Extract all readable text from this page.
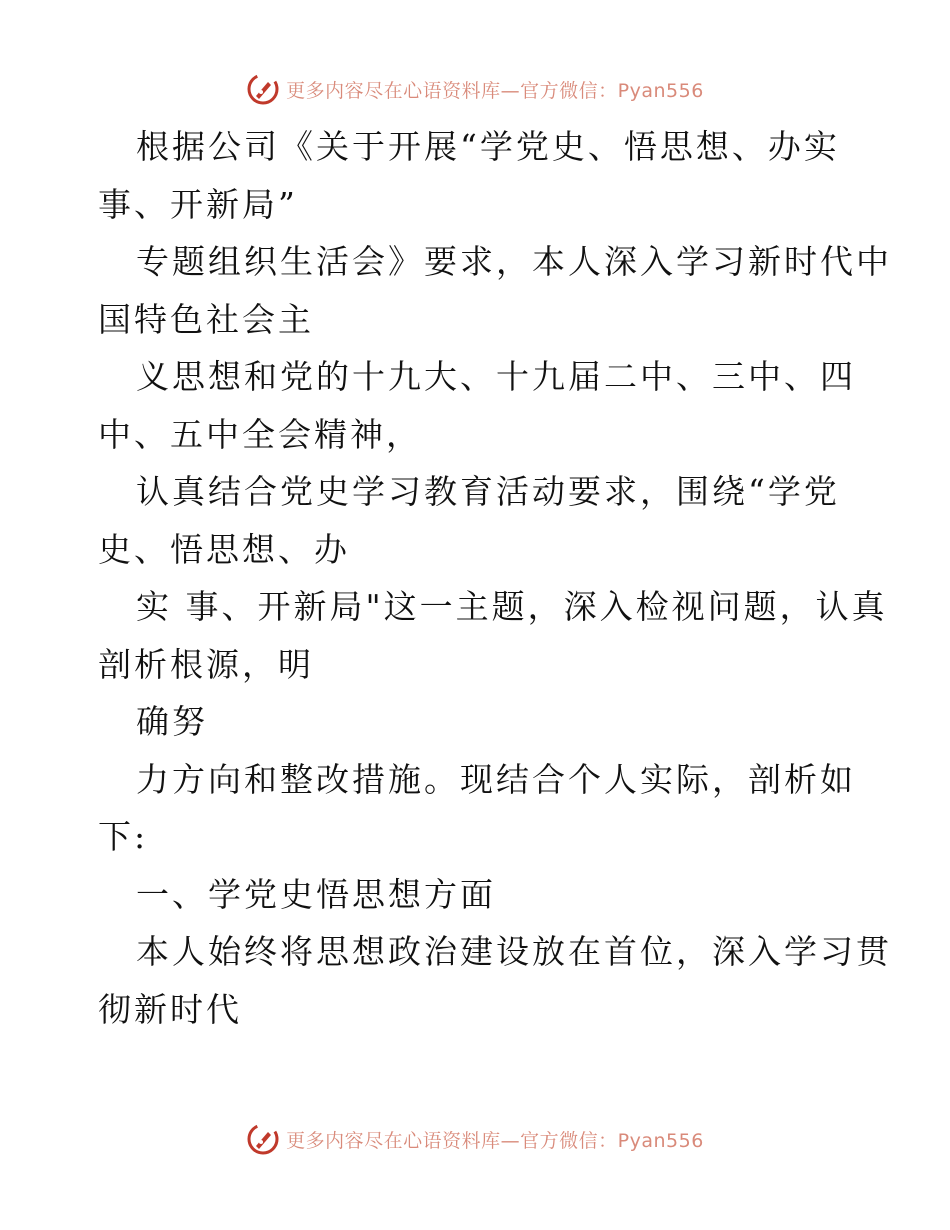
更多内容尽在心语资料库—官方微信：Pyan556
根据公司《关于开展“学党史、悟思想、办实
事、开新局”
专题组织生活会》要求，本人深入学习新时代中
国特色社会主
义思想和党的十九大、十九届二中、三中、四
中、五中全会精神，
认真结合党史学习教育活动要求，围绕“学党
史、悟思想、办
实 事、开新局"这一主题，深入检视问题，认真
剖析根源，明
确努
力方向和整改措施。现结合个人实际，剖析如
下:
一、学党史悟思想方面
本人始终将思想政治建设放在首位，深入学习贯
彻新时代
更多内容尽在心语资料库—官方微信：Pyan556
